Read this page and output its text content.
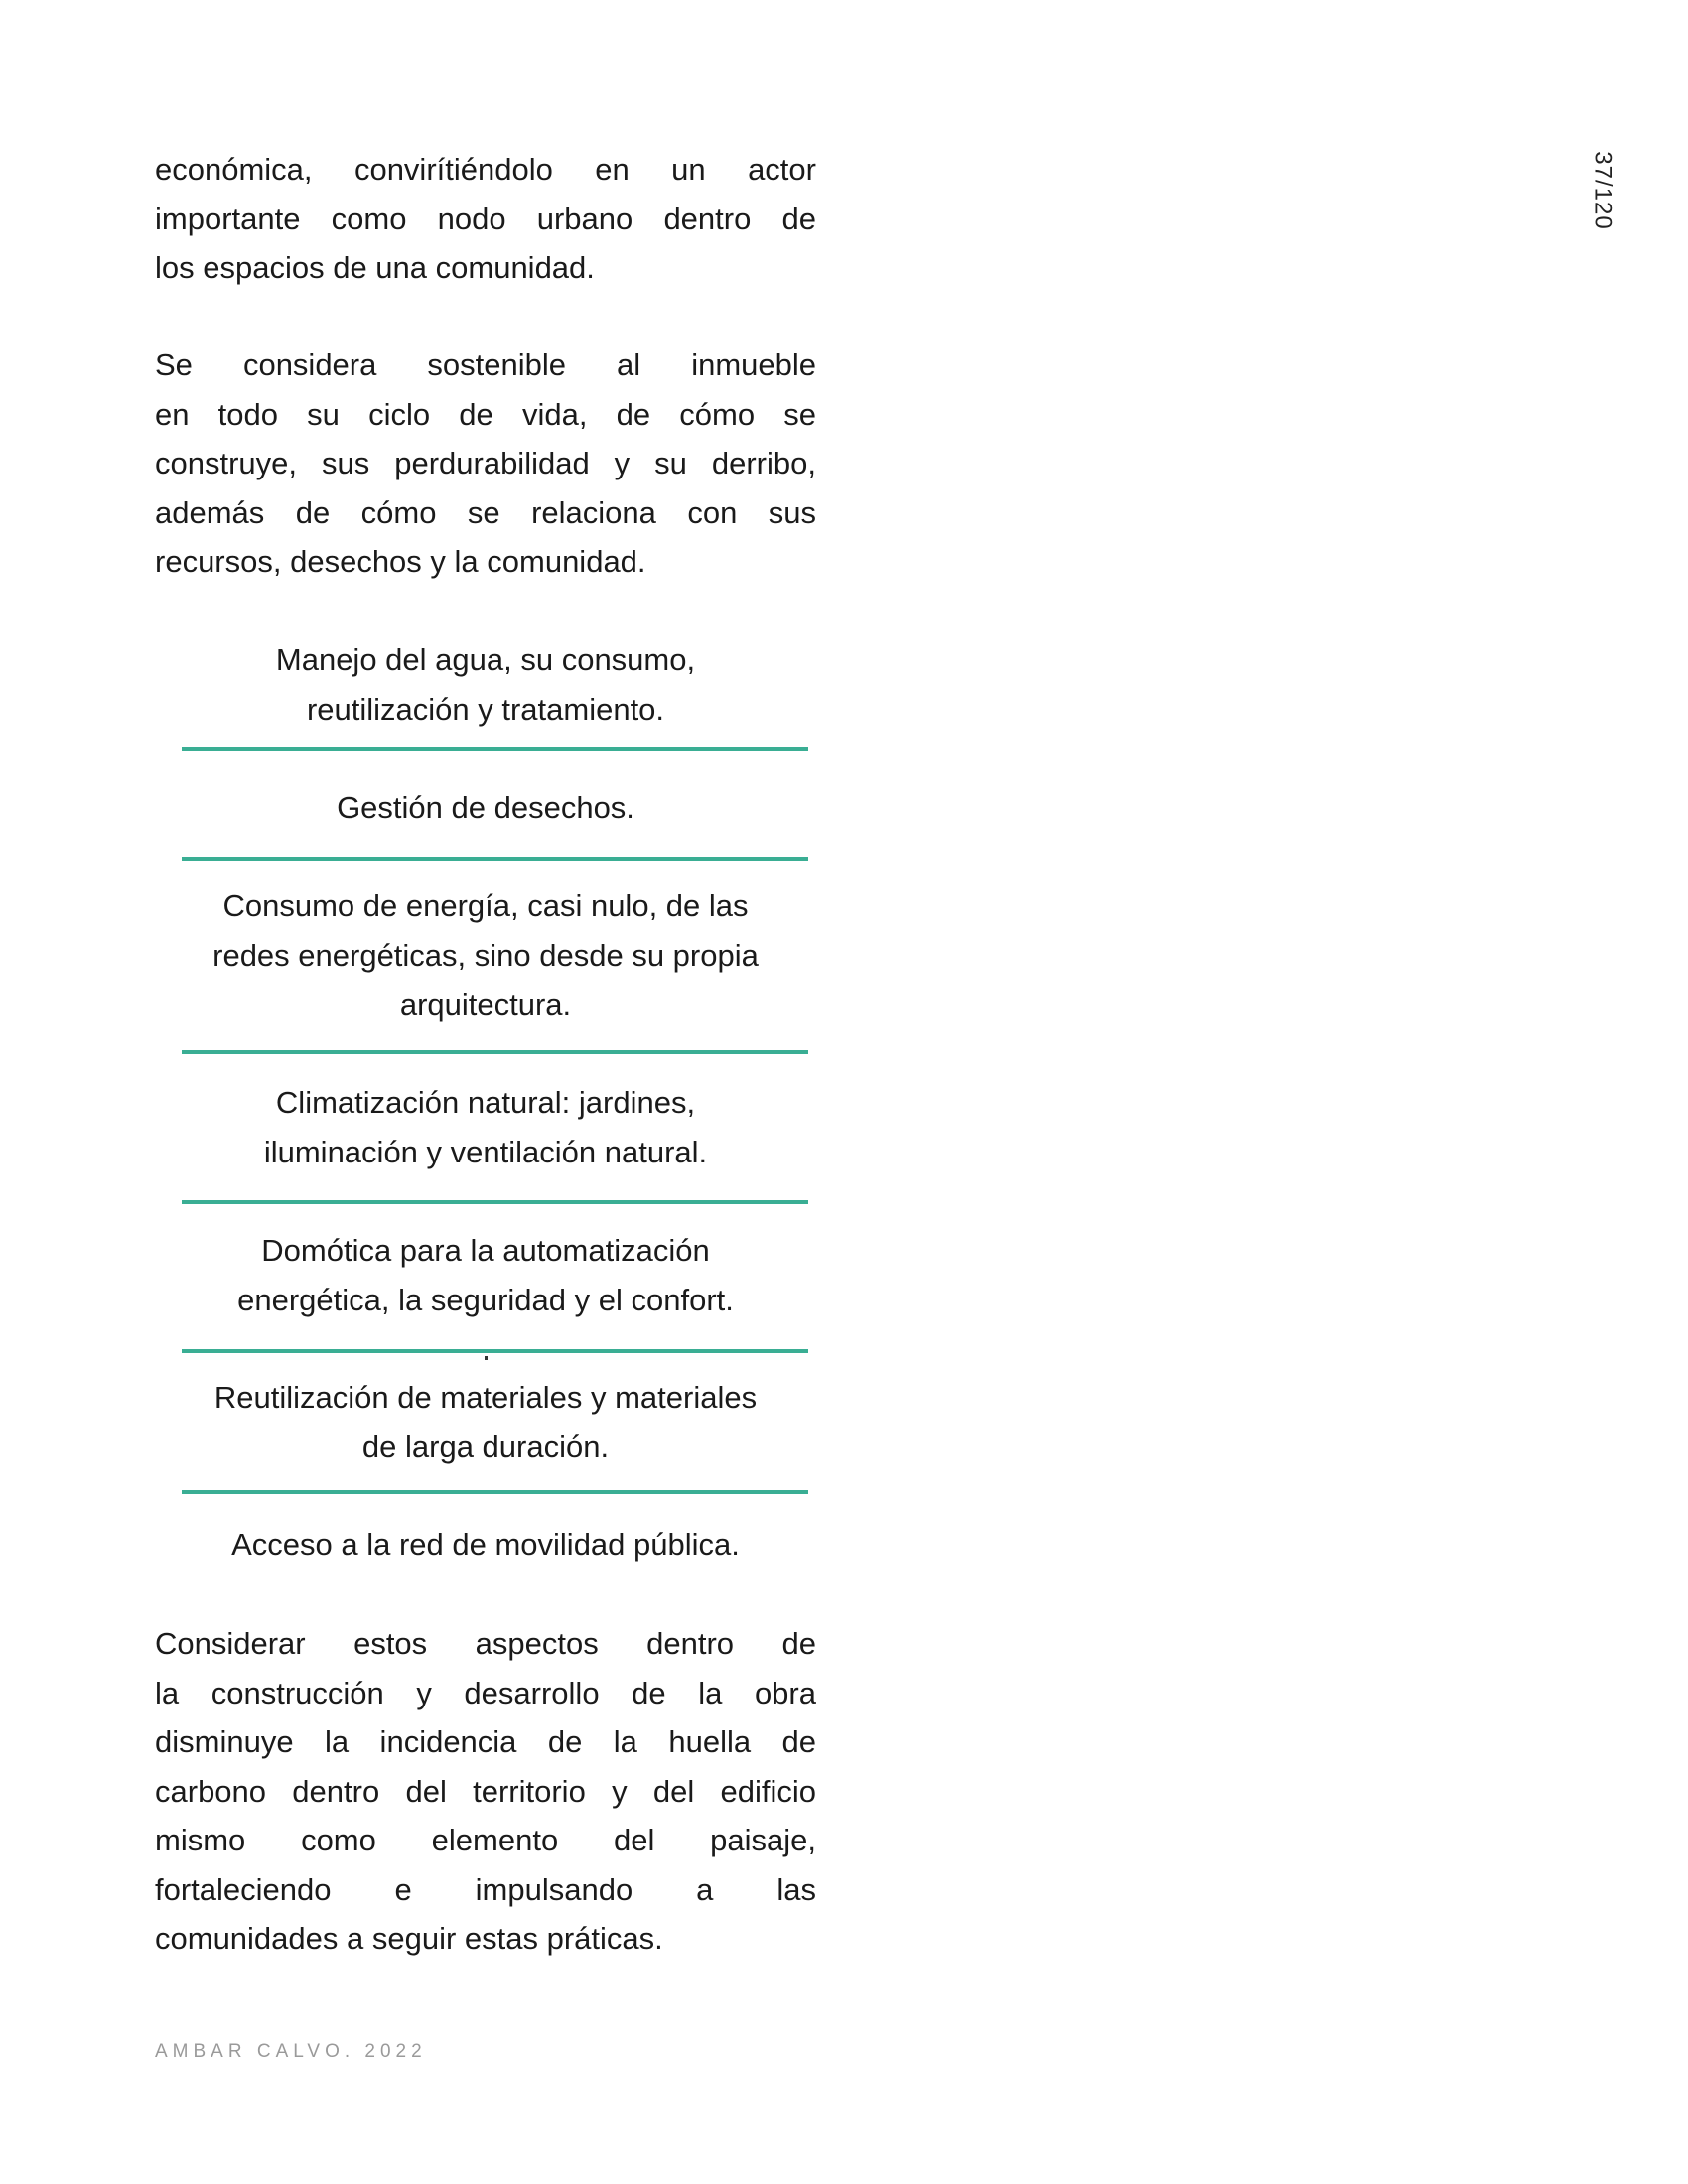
37/120
AMBAR CALVO. 2022
económica, convirítiéndolo en un actor
importante como nodo urbano dentro de
los espacios de una comunidad.
Se considera sostenible al inmueble
en todo su ciclo de vida, de cómo se
construye, sus perdurabilidad y su derribo,
además de cómo se relaciona con sus
recursos, desechos y la comunidad.
Considerar estos aspectos dentro de
la construcción y desarrollo de la obra
disminuye la incidencia de la huella de
carbono dentro del territorio y del edificio
mismo como elemento del paisaje,
fortaleciendo e impulsando a las
comunidades a seguir estas práticas.
Manejo del agua, su consumo,
reutilización y tratamiento.
Gestión de desechos.
Consumo de energía, casi nulo, de las
redes energéticas, sino desde su propia
arquitectura.
Climatización natural: jardines,
iluminación y ventilación natural.
Domótica para la automatización
energética, la seguridad y el confort.
Reutilización de materiales y materiales
de larga duración.
Acceso a la red de movilidad pública.
